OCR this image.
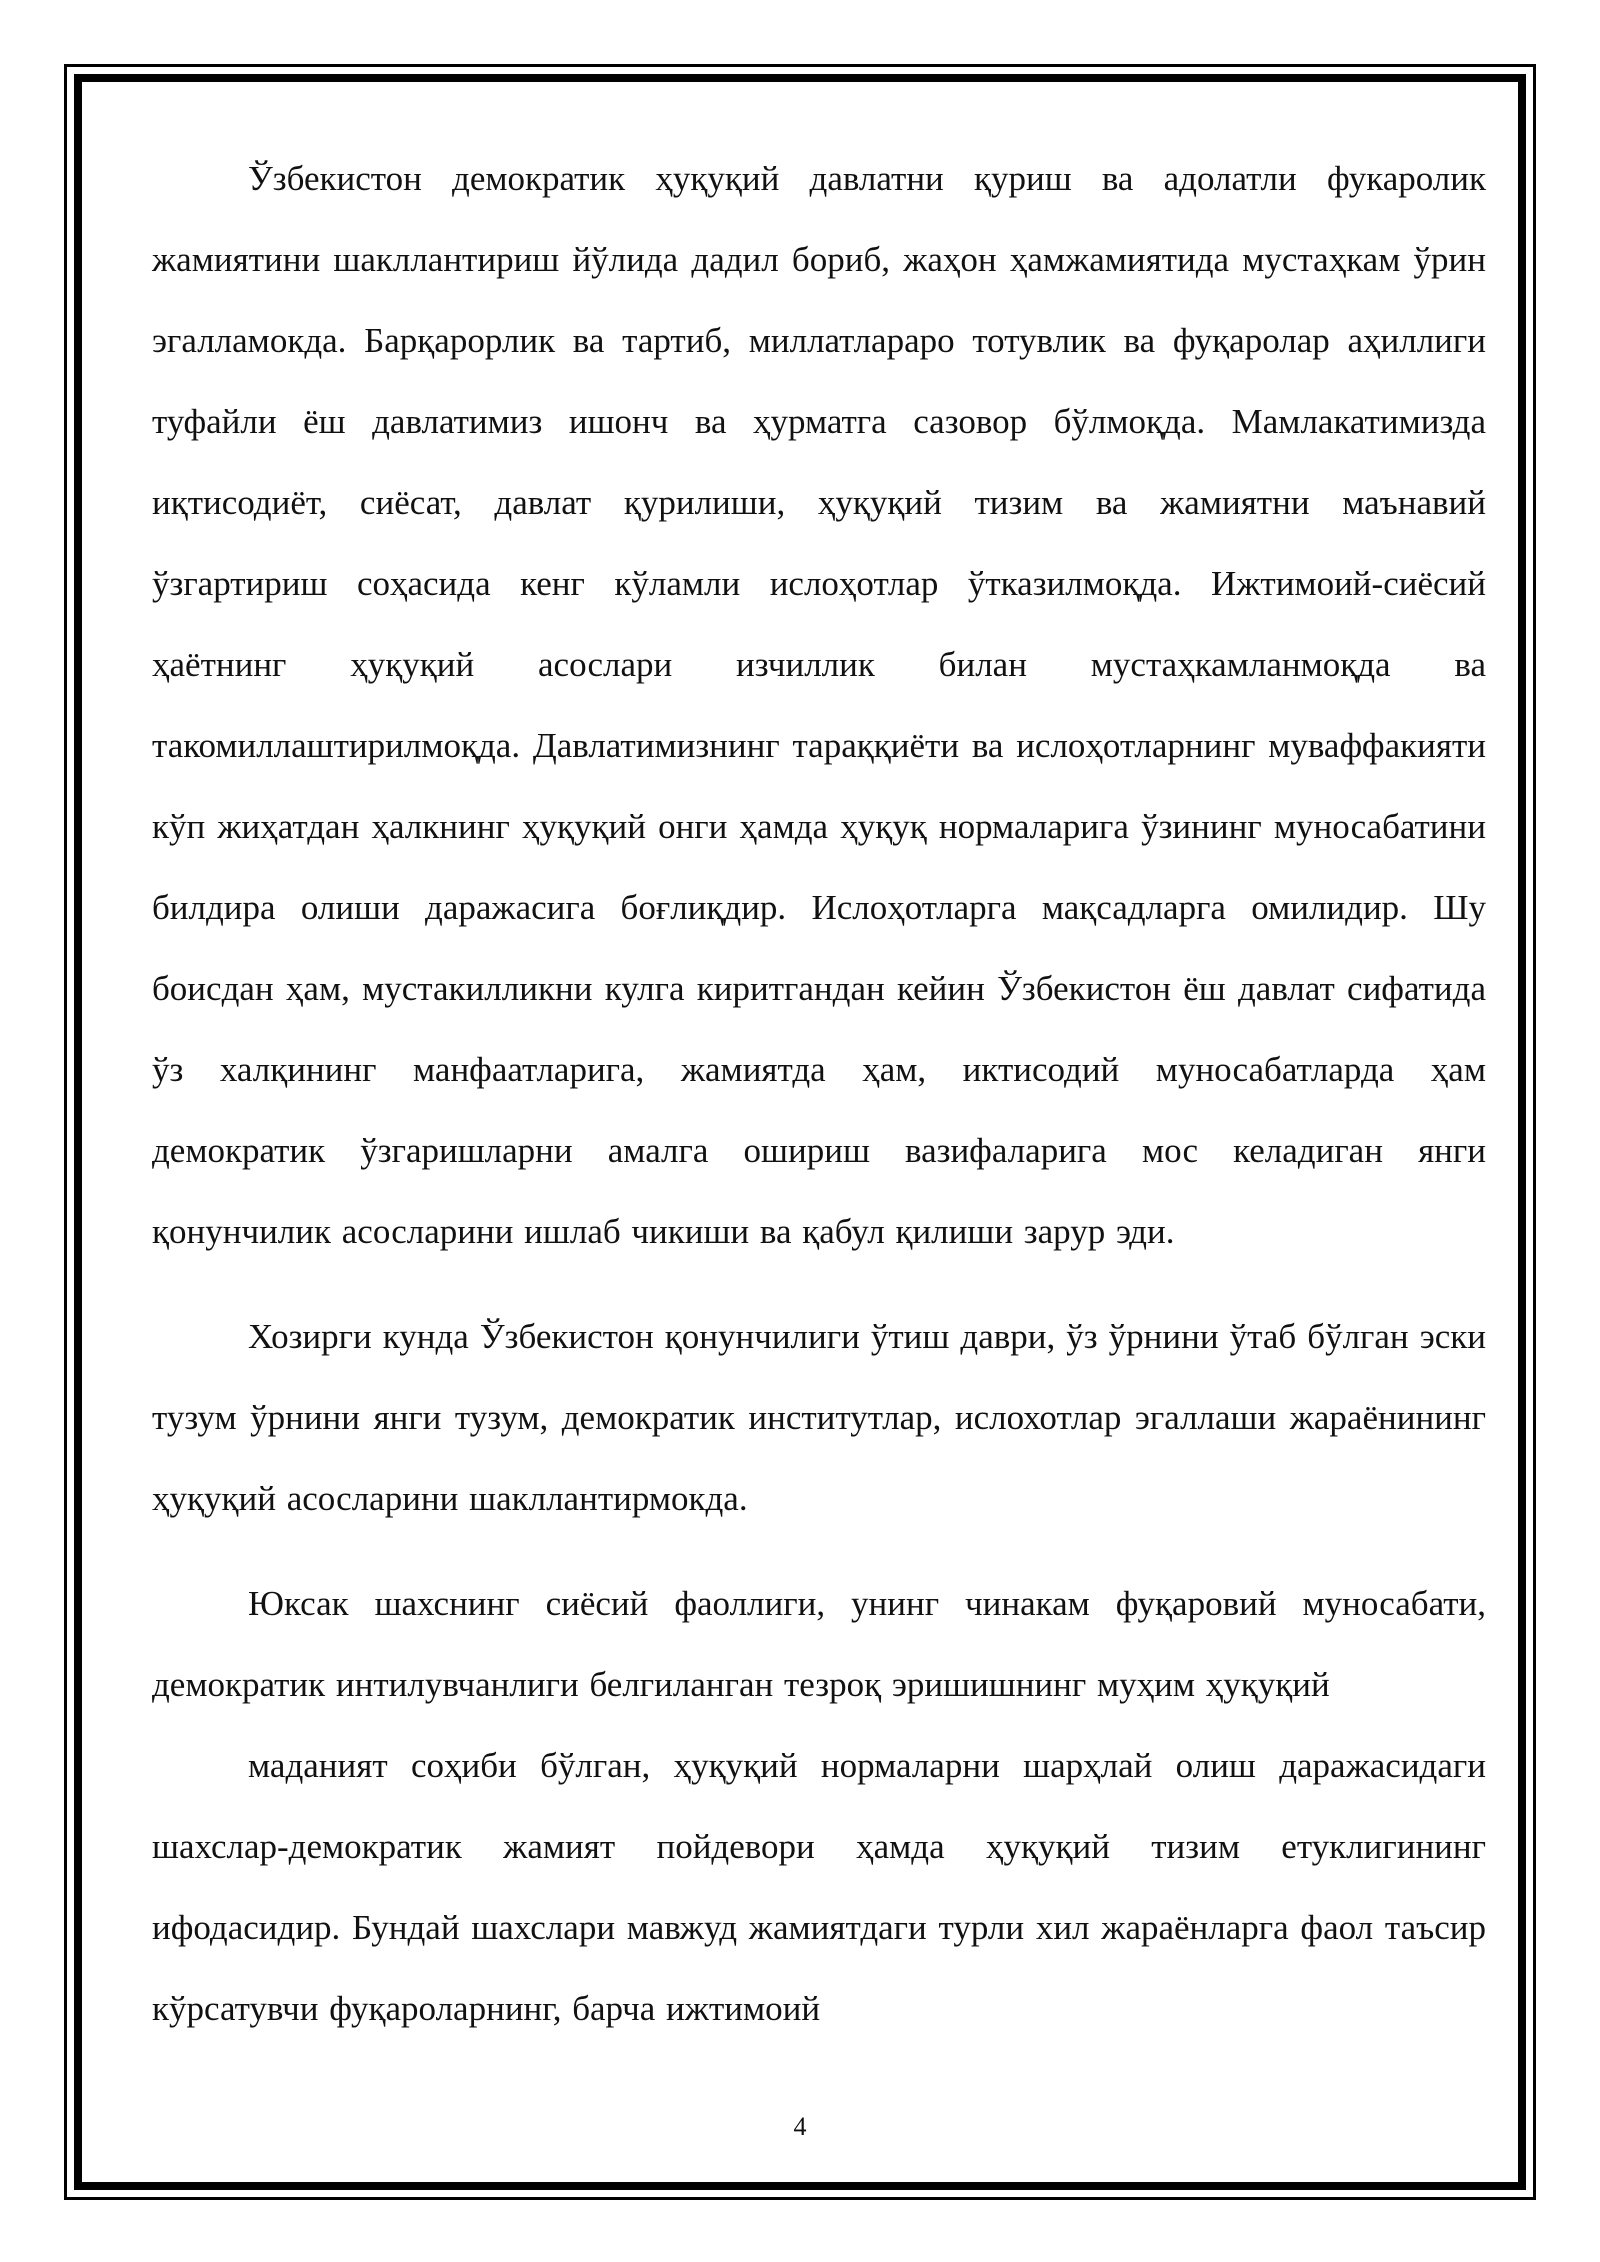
Ўзбекистон демократик ҳуқуқий давлатни қуриш ва адолатли фукаролик жамиятини шакллантириш йўлида дадил бориб, жаҳон ҳамжамиятида мустаҳкам ўрин эгалламокда. Барқарорлик ва тартиб, миллатлараро тотувлик ва фуқаролар аҳиллиги туфайли ёш давлатимиз ишонч ва ҳурматга сазовор бўлмоқда. Мамлакатимизда иқтисодиёт, сиёсат, давлат қурилиши, ҳуқуқий тизим ва жамиятни маънавий ўзгартириш соҳасида кенг кўламли ислоҳотлар ўтказилмоқда. Ижтимоий-сиёсий ҳаётнинг ҳуқуқий асослари изчиллик билан мустаҳкамланмоқда ва такомиллаштирилмоқда. Давлатимизнинг тараққиёти ва ислоҳотларнинг муваффакияти кўп жиҳатдан ҳалкнинг ҳуқуқий онги ҳамда ҳуқуқ нормаларига ўзининг муносабатини билдира олиши даражасига боғлиқдир. Ислоҳотларга мақсадларга омилидир. Шу боисдан ҳам, мустакилликни кулга киритгандан кейин Ўзбекистон ёш давлат сифатида ўз халқининг манфаатларига, жамиятда ҳам, иктисодий муносабатларда ҳам демократик ўзгаришларни амалга ошириш вазифаларига мос келадиган янги қонунчилик асосларини ишлаб чикиши ва қабул қилиши зарур эди.

Хозирги кунда Ўзбекистон қонунчилиги ўтиш даври, ўз ўрнини ўтаб бўлган эски тузум ўрнини янги тузум, демократик институтлар, ислохотлар эгаллаши жараёнининг ҳуқуқий асосларини шакллантирмокда.

Юксак шахснинг сиёсий фаоллиги, унинг чинакам фуқаровий муносабати, демократик интилувчанлиги белгиланган тезроқ эришишнинг муҳим ҳуқуқий

маданият соҳиби бўлган, ҳуқуқий нормаларни шарҳлай олиш даражасидаги шахслар-демократик жамият пойдевори ҳамда ҳуқуқий тизим етуклигининг ифодасидир. Бундай шахслари мавжуд жамиятдаги турли хил жараёнларга фаол таъсир кўрсатувчи фуқароларнинг, барча ижтимоий

4
